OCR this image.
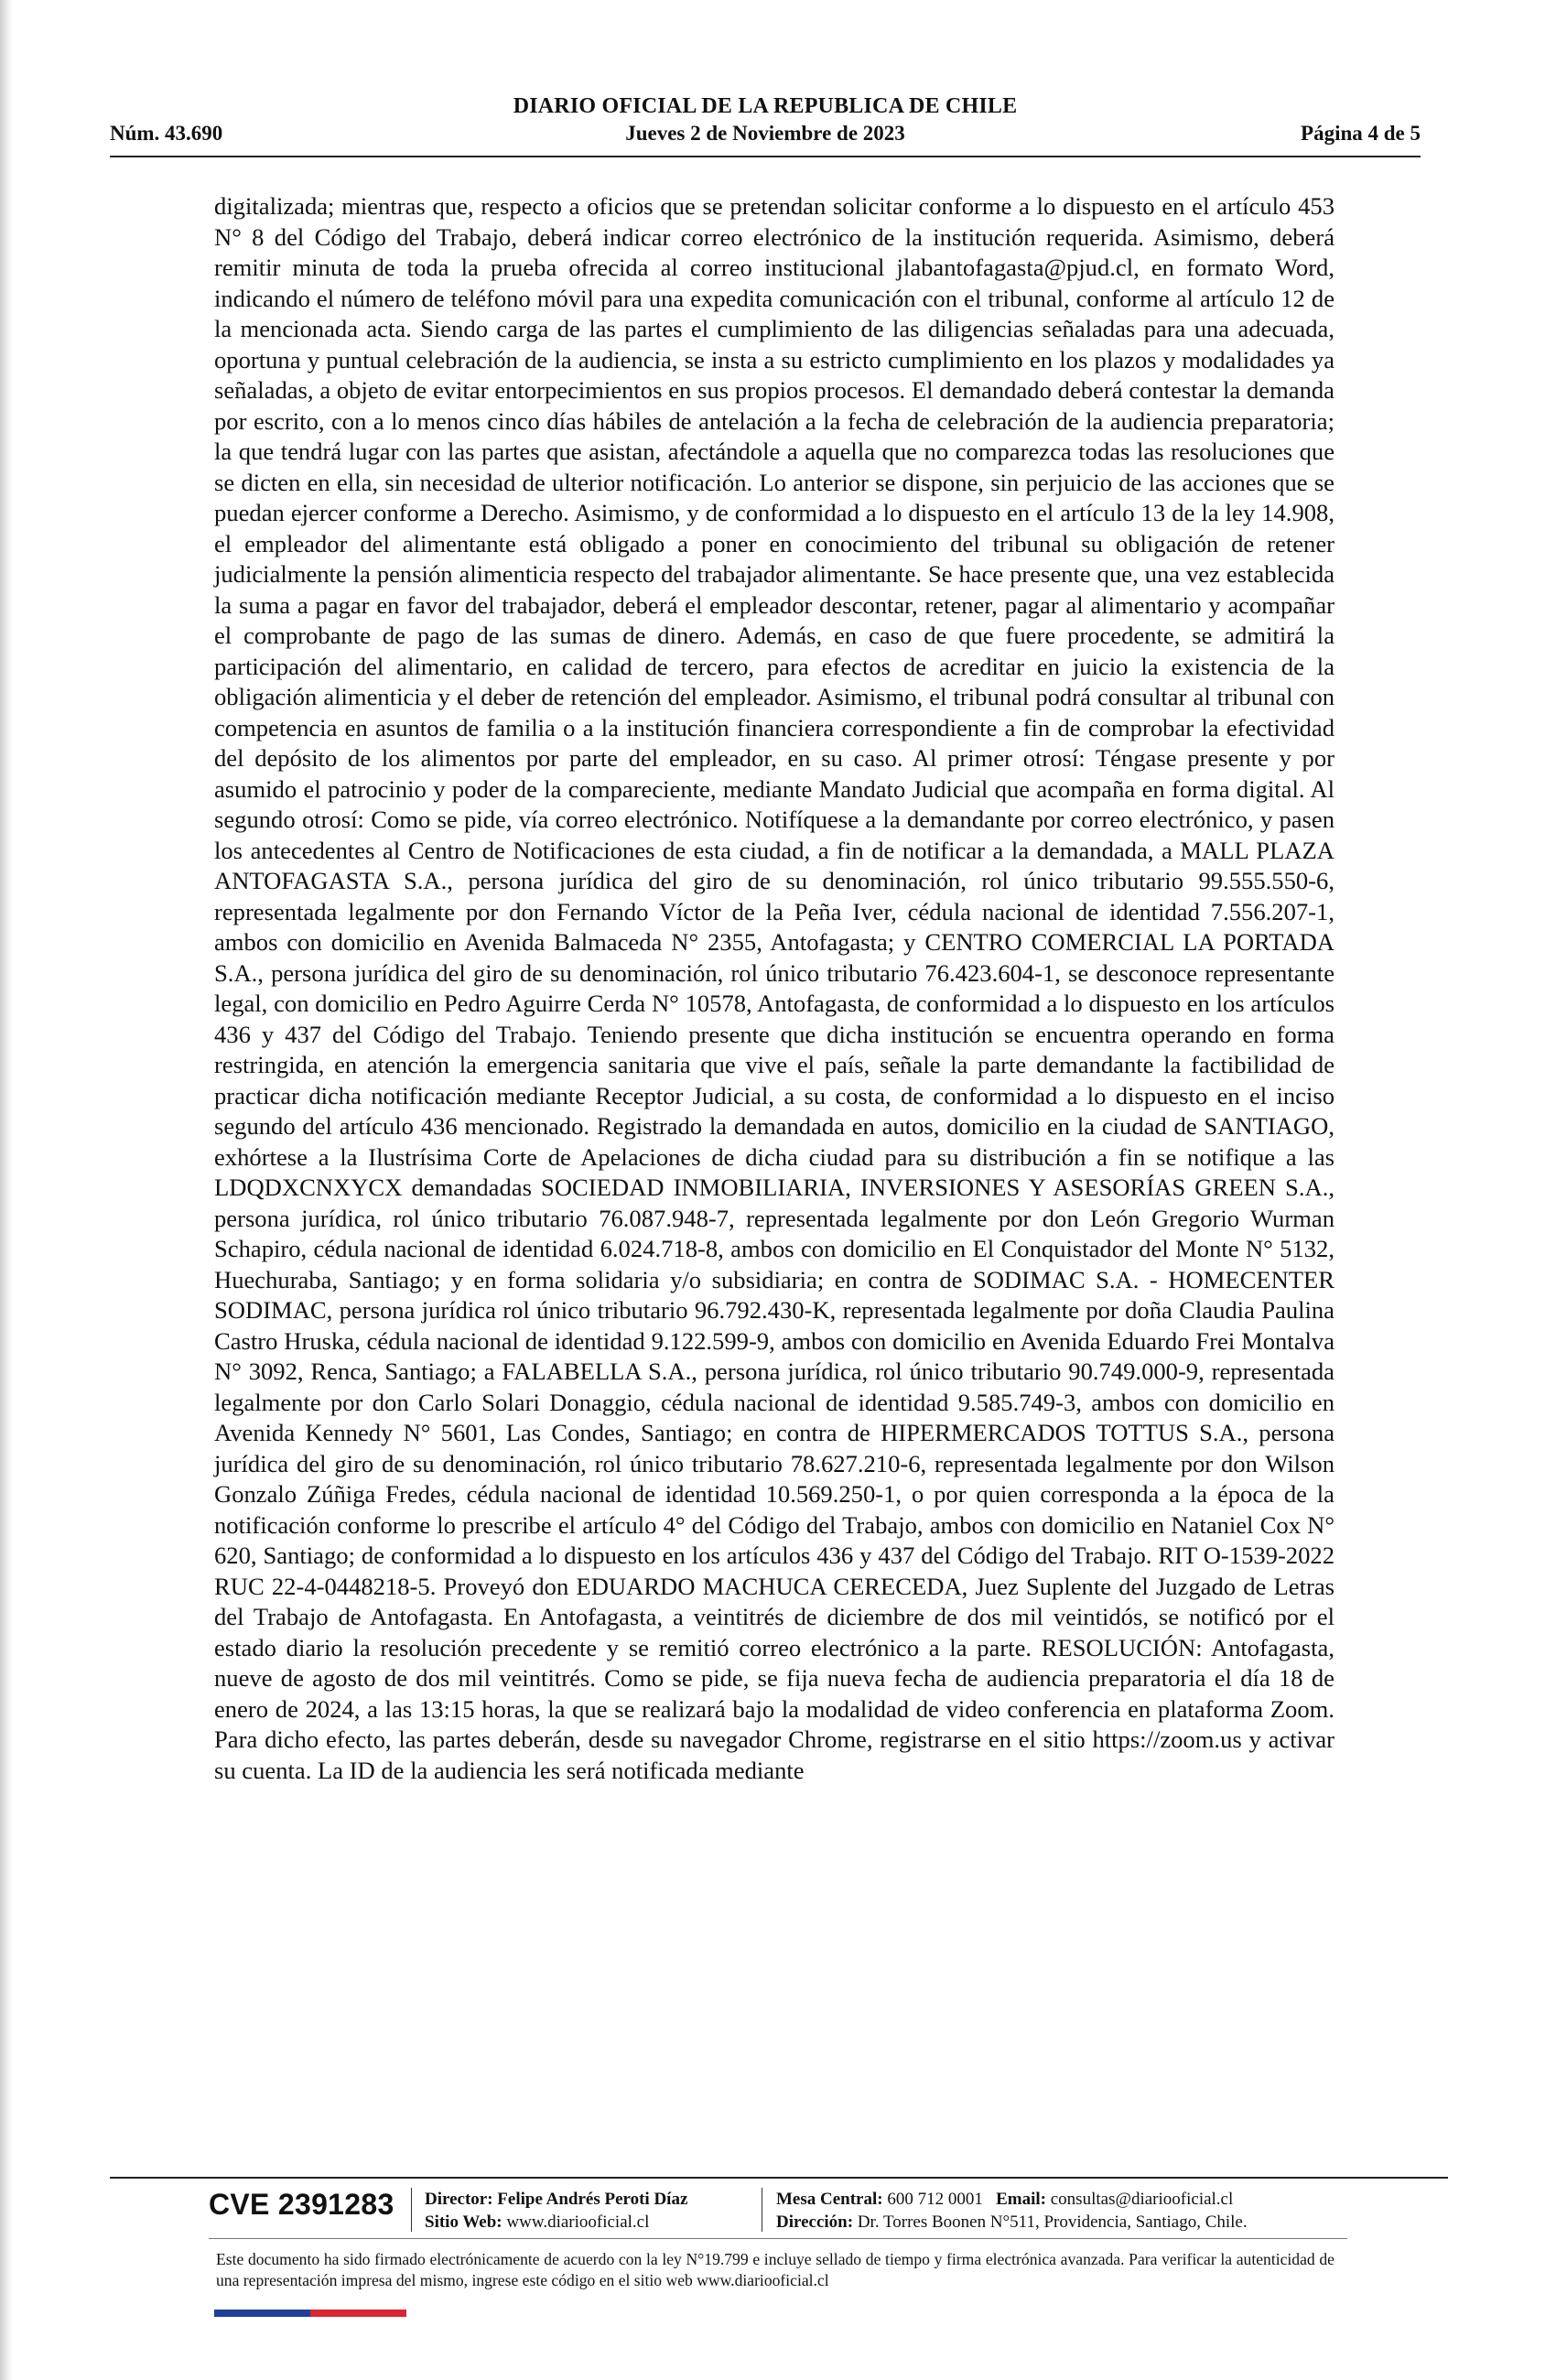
DIARIO OFICIAL DE LA REPUBLICA DE CHILE
Núm. 43.690	Jueves 2 de Noviembre de 2023	Página 4 de 5

digitalizada; mientras que, respecto a oficios que se pretendan solicitar conforme a lo dispuesto en el artículo 453 N° 8 del Código del Trabajo, deberá indicar correo electrónico de la institución requerida. Asimismo, deberá remitir minuta de toda la prueba ofrecida al correo institucional jlabantofagasta@pjud.cl, en formato Word, indicando el número de teléfono móvil para una expedita comunicación con el tribunal, conforme al artículo 12 de la mencionada acta. Siendo carga de las partes el cumplimiento de las diligencias señaladas para una adecuada, oportuna y puntual celebración de la audiencia, se insta a su estricto cumplimiento en los plazos y modalidades ya señaladas, a objeto de evitar entorpecimientos en sus propios procesos. El demandado deberá contestar la demanda por escrito, con a lo menos cinco días hábiles de antelación a la fecha de celebración de la audiencia preparatoria; la que tendrá lugar con las partes que asistan, afectándole a aquella que no comparezca todas las resoluciones que se dicten en ella, sin necesidad de ulterior notificación. Lo anterior se dispone, sin perjuicio de las acciones que se puedan ejercer conforme a Derecho. Asimismo, y de conformidad a lo dispuesto en el artículo 13 de la ley 14.908, el empleador del alimentante está obligado a poner en conocimiento del tribunal su obligación de retener judicialmente la pensión alimenticia respecto del trabajador alimentante. Se hace presente que, una vez establecida la suma a pagar en favor del trabajador, deberá el empleador descontar, retener, pagar al alimentario y acompañar el comprobante de pago de las sumas de dinero. Además, en caso de que fuere procedente, se admitirá la participación del alimentario, en calidad de tercero, para efectos de acreditar en juicio la existencia de la obligación alimenticia y el deber de retención del empleador. Asimismo, el tribunal podrá consultar al tribunal con competencia en asuntos de familia o a la institución financiera correspondiente a fin de comprobar la efectividad del depósito de los alimentos por parte del empleador, en su caso. Al primer otrosí: Téngase presente y por asumido el patrocinio y poder de la compareciente, mediante Mandato Judicial que acompaña en forma digital. Al segundo otrosí: Como se pide, vía correo electrónico. Notifíquese a la demandante por correo electrónico, y pasen los antecedentes al Centro de Notificaciones de esta ciudad, a fin de notificar a la demandada, a MALL PLAZA ANTOFAGASTA S.A., persona jurídica del giro de su denominación, rol único tributario 99.555.550-6, representada legalmente por don Fernando Víctor de la Peña Iver, cédula nacional de identidad 7.556.207-1, ambos con domicilio en Avenida Balmaceda N° 2355, Antofagasta; y CENTRO COMERCIAL LA PORTADA S.A., persona jurídica del giro de su denominación, rol único tributario 76.423.604-1, se desconoce representante legal, con domicilio en Pedro Aguirre Cerda N° 10578, Antofagasta, de conformidad a lo dispuesto en los artículos 436 y 437 del Código del Trabajo. Teniendo presente que dicha institución se encuentra operando en forma restringida, en atención la emergencia sanitaria que vive el país, señale la parte demandante la factibilidad de practicar dicha notificación mediante Receptor Judicial, a su costa, de conformidad a lo dispuesto en el inciso segundo del artículo 436 mencionado. Registrado la demandada en autos, domicilio en la ciudad de SANTIAGO, exhórtese a la Ilustrísima Corte de Apelaciones de dicha ciudad para su distribución a fin se notifique a las LDQDXCNXYCX demandadas SOCIEDAD INMOBILIARIA, INVERSIONES Y ASESORÍAS GREEN S.A., persona jurídica, rol único tributario 76.087.948-7, representada legalmente por don León Gregorio Wurman Schapiro, cédula nacional de identidad 6.024.718-8, ambos con domicilio en El Conquistador del Monte N° 5132, Huechuraba, Santiago; y en forma solidaria y/o subsidiaria; en contra de SODIMAC S.A. - HOMECENTER SODIMAC, persona jurídica rol único tributario 96.792.430-K, representada legalmente por doña Claudia Paulina Castro Hruska, cédula nacional de identidad 9.122.599-9, ambos con domicilio en Avenida Eduardo Frei Montalva N° 3092, Renca, Santiago; a FALABELLA S.A., persona jurídica, rol único tributario 90.749.000-9, representada legalmente por don Carlo Solari Donaggio, cédula nacional de identidad 9.585.749-3, ambos con domicilio en Avenida Kennedy N° 5601, Las Condes, Santiago; en contra de HIPERMERCADOS TOTTUS S.A., persona jurídica del giro de su denominación, rol único tributario 78.627.210-6, representada legalmente por don Wilson Gonzalo Zúñiga Fredes, cédula nacional de identidad 10.569.250-1, o por quien corresponda a la época de la notificación conforme lo prescribe el artículo 4° del Código del Trabajo, ambos con domicilio en Nataniel Cox N° 620, Santiago; de conformidad a lo dispuesto en los artículos 436 y 437 del Código del Trabajo. RIT O-1539-2022 RUC 22-4-0448218-5. Proveyó don EDUARDO MACHUCA CERECEDA, Juez Suplente del Juzgado de Letras del Trabajo de Antofagasta. En Antofagasta, a veintitrés de diciembre de dos mil veintidós, se notificó por el estado diario la resolución precedente y se remitió correo electrónico a la parte. RESOLUCIÓN: Antofagasta, nueve de agosto de dos mil veintitrés. Como se pide, se fija nueva fecha de audiencia preparatoria el día 18 de enero de 2024, a las 13:15 horas, la que se realizará bajo la modalidad de video conferencia en plataforma Zoom. Para dicho efecto, las partes deberán, desde su navegador Chrome, registrarse en el sitio https://zoom.us y activar su cuenta. La ID de la audiencia les será notificada mediante

CVE 2391283 Director: Felipe Andrés Peroti Díaz
Sitio Web: www.diariooficial.cl
Mesa Central: 600 712 0001 Email: consultas@diariooficial.cl
Dirección: Dr. Torres Boonen N°511, Providencia, Santiago, Chile.
Este documento ha sido firmado electrónicamente de acuerdo con la ley N°19.799 e incluye sellado de tiempo y firma electrónica avanzada. Para verificar la autenticidad de una representación impresa del mismo, ingrese este código en el sitio web www.diariooficial.cl
